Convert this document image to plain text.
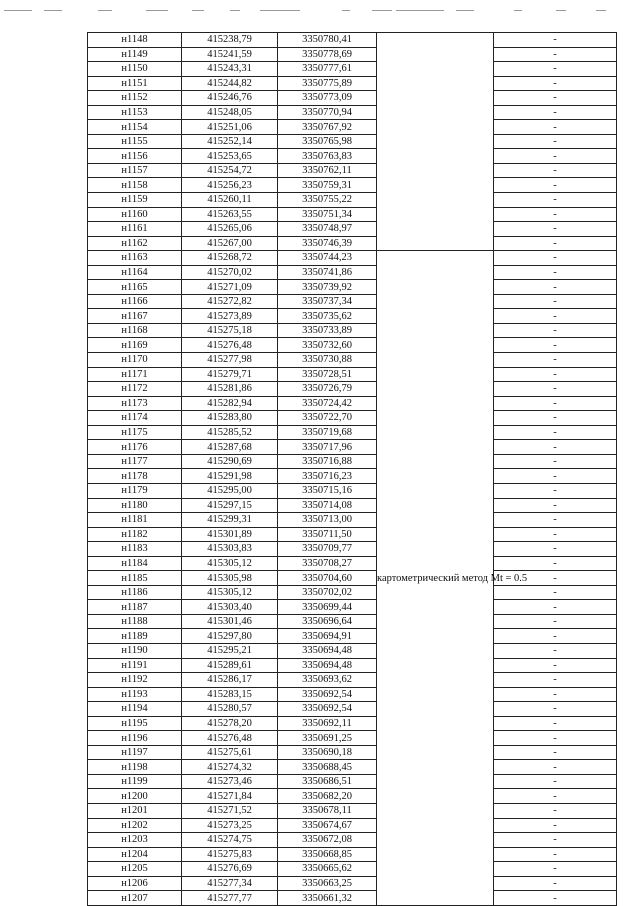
н1148	415238,79	3350780,41		-
н1149	415241,59	3350778,69		-
н1150	415243,31	3350777,61		-
н1151	415244,82	3350775,89		-
н1152	415246,76	3350773,09		-
н1153	415248,05	3350770,94		-
н1154	415251,06	3350767,92		-
н1155	415252,14	3350765,98		-
н1156	415253,65	3350763,83		-
н1157	415254,72	3350762,11		-
н1158	415256,23	3350759,31		-
н1159	415260,11	3350755,22		-
н1160	415263,55	3350751,34		-
н1161	415265,06	3350748,97		-
н1162	415267,00	3350746,39		-
н1163	415268,72	3350744,23	картометрический метод Mt = 0.5	-
н1164	415270,02	3350741,86		-
н1165	415271,09	3350739,92		-
н1166	415272,82	3350737,34		-
н1167	415273,89	3350735,62		-
н1168	415275,18	3350733,89		-
н1169	415276,48	3350732,60		-
н1170	415277,98	3350730,88		-
н1171	415279,71	3350728,51		-
н1172	415281,86	3350726,79		-
н1173	415282,94	3350724,42		-
н1174	415283,80	3350722,70		-
н1175	415285,52	3350719,68		-
н1176	415287,68	3350717,96		-
н1177	415290,69	3350716,88		-
н1178	415291,98	3350716,23		-
н1179	415295,00	3350715,16		-
н1180	415297,15	3350714,08		-
н1181	415299,31	3350713,00		-
н1182	415301,89	3350711,50		-
н1183	415303,83	3350709,77		-
н1184	415305,12	3350708,27		-
н1185	415305,98	3350704,60		-
н1186	415305,12	3350702,02		-
н1187	415303,40	3350699,44		-
н1188	415301,46	3350696,64		-
н1189	415297,80	3350694,91		-
н1190	415295,21	3350694,48		-
н1191	415289,61	3350694,48		-
н1192	415286,17	3350693,62		-
н1193	415283,15	3350692,54		-
н1194	415280,57	3350692,54		-
н1195	415278,20	3350692,11		-
н1196	415276,48	3350691,25		-
н1197	415275,61	3350690,18		-
н1198	415274,32	3350688,45		-
н1199	415273,46	3350686,51		-
н1200	415271,84	3350682,20		-
н1201	415271,52	3350678,11		-
н1202	415273,25	3350674,67		-
н1203	415274,75	3350672,08		-
н1204	415275,83	3350668,85		-
н1205	415276,69	3350665,62		-
н1206	415277,34	3350663,25		-
н1207	415277,77	3350661,32		-
